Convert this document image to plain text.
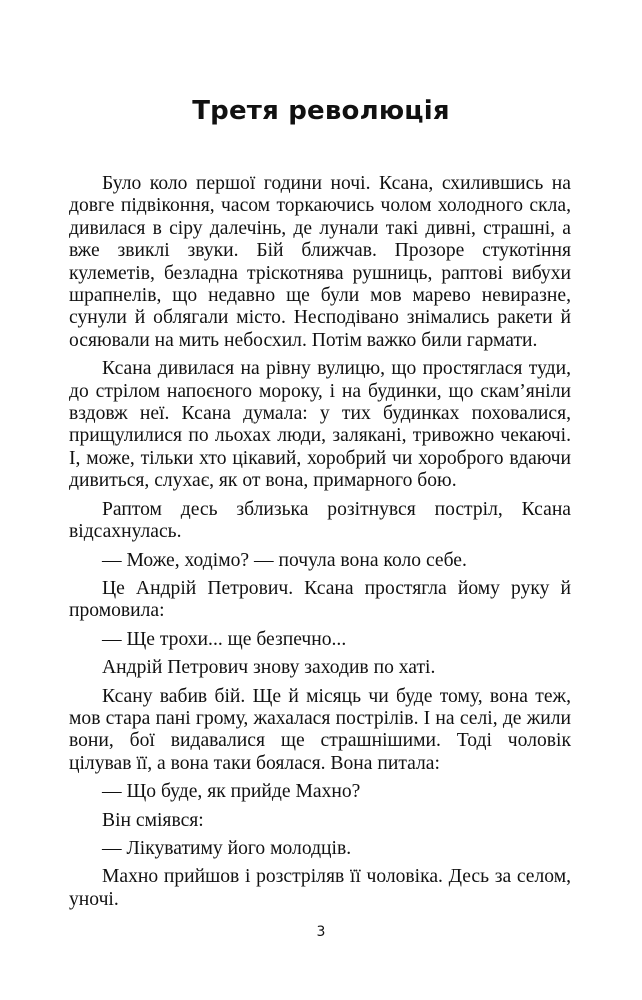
Третя революція

Було коло першої години ночі. Ксана, схилившись на довге підвіконня, часом торкаючись чолом холодного скла, дивилася в сіру далечінь, де лунали такі дивні, страшні, а вже звиклі звуки. Бій ближчав. Прозоре стукотіння кулеметів, безладна тріскотнява рушниць, раптові вибухи шрапнелів, що недавно ще були мов марево невиразне, сунули й облягали місто. Несподівано знімались ракети й осяювали на мить небосхил. Потім важко били гармати.

Ксана дивилася на рівну вулицю, що простяглася туди, до стрілом напоєного мороку, і на будинки, що скам’яніли вздовж неї. Ксана думала: у тих будинках поховалися, прищулилися по льохах люди, залякані, тривожно чекаючі. І, може, тільки хто цікавий, хоробрий чи хороброго вдаючи дивиться, слухає, як от вона, примарного бою.

Раптом десь зблизька розітнувся постріл, Ксана відсахнулась.

— Може, ходімо? — почула вона коло себе.

Це Андрій Петрович. Ксана простягла йому руку й промовила:

— Ще трохи... ще безпечно...

Андрій Петрович знову заходив по хаті.

Ксану вабив бій. Ще й місяць чи буде тому, вона теж, мов стара пані грому, жахалася пострілів. І на селі, де жили вони, бої видавалися ще страшнішими. Тоді чоловік цілував її, а вона таки боялася. Вона питала:

— Що буде, як прийде Махно?

Він сміявся:

— Лікуватиму його молодців.

Махно прийшов і розстріляв її чоловіка. Десь за селом, уночі.

3
